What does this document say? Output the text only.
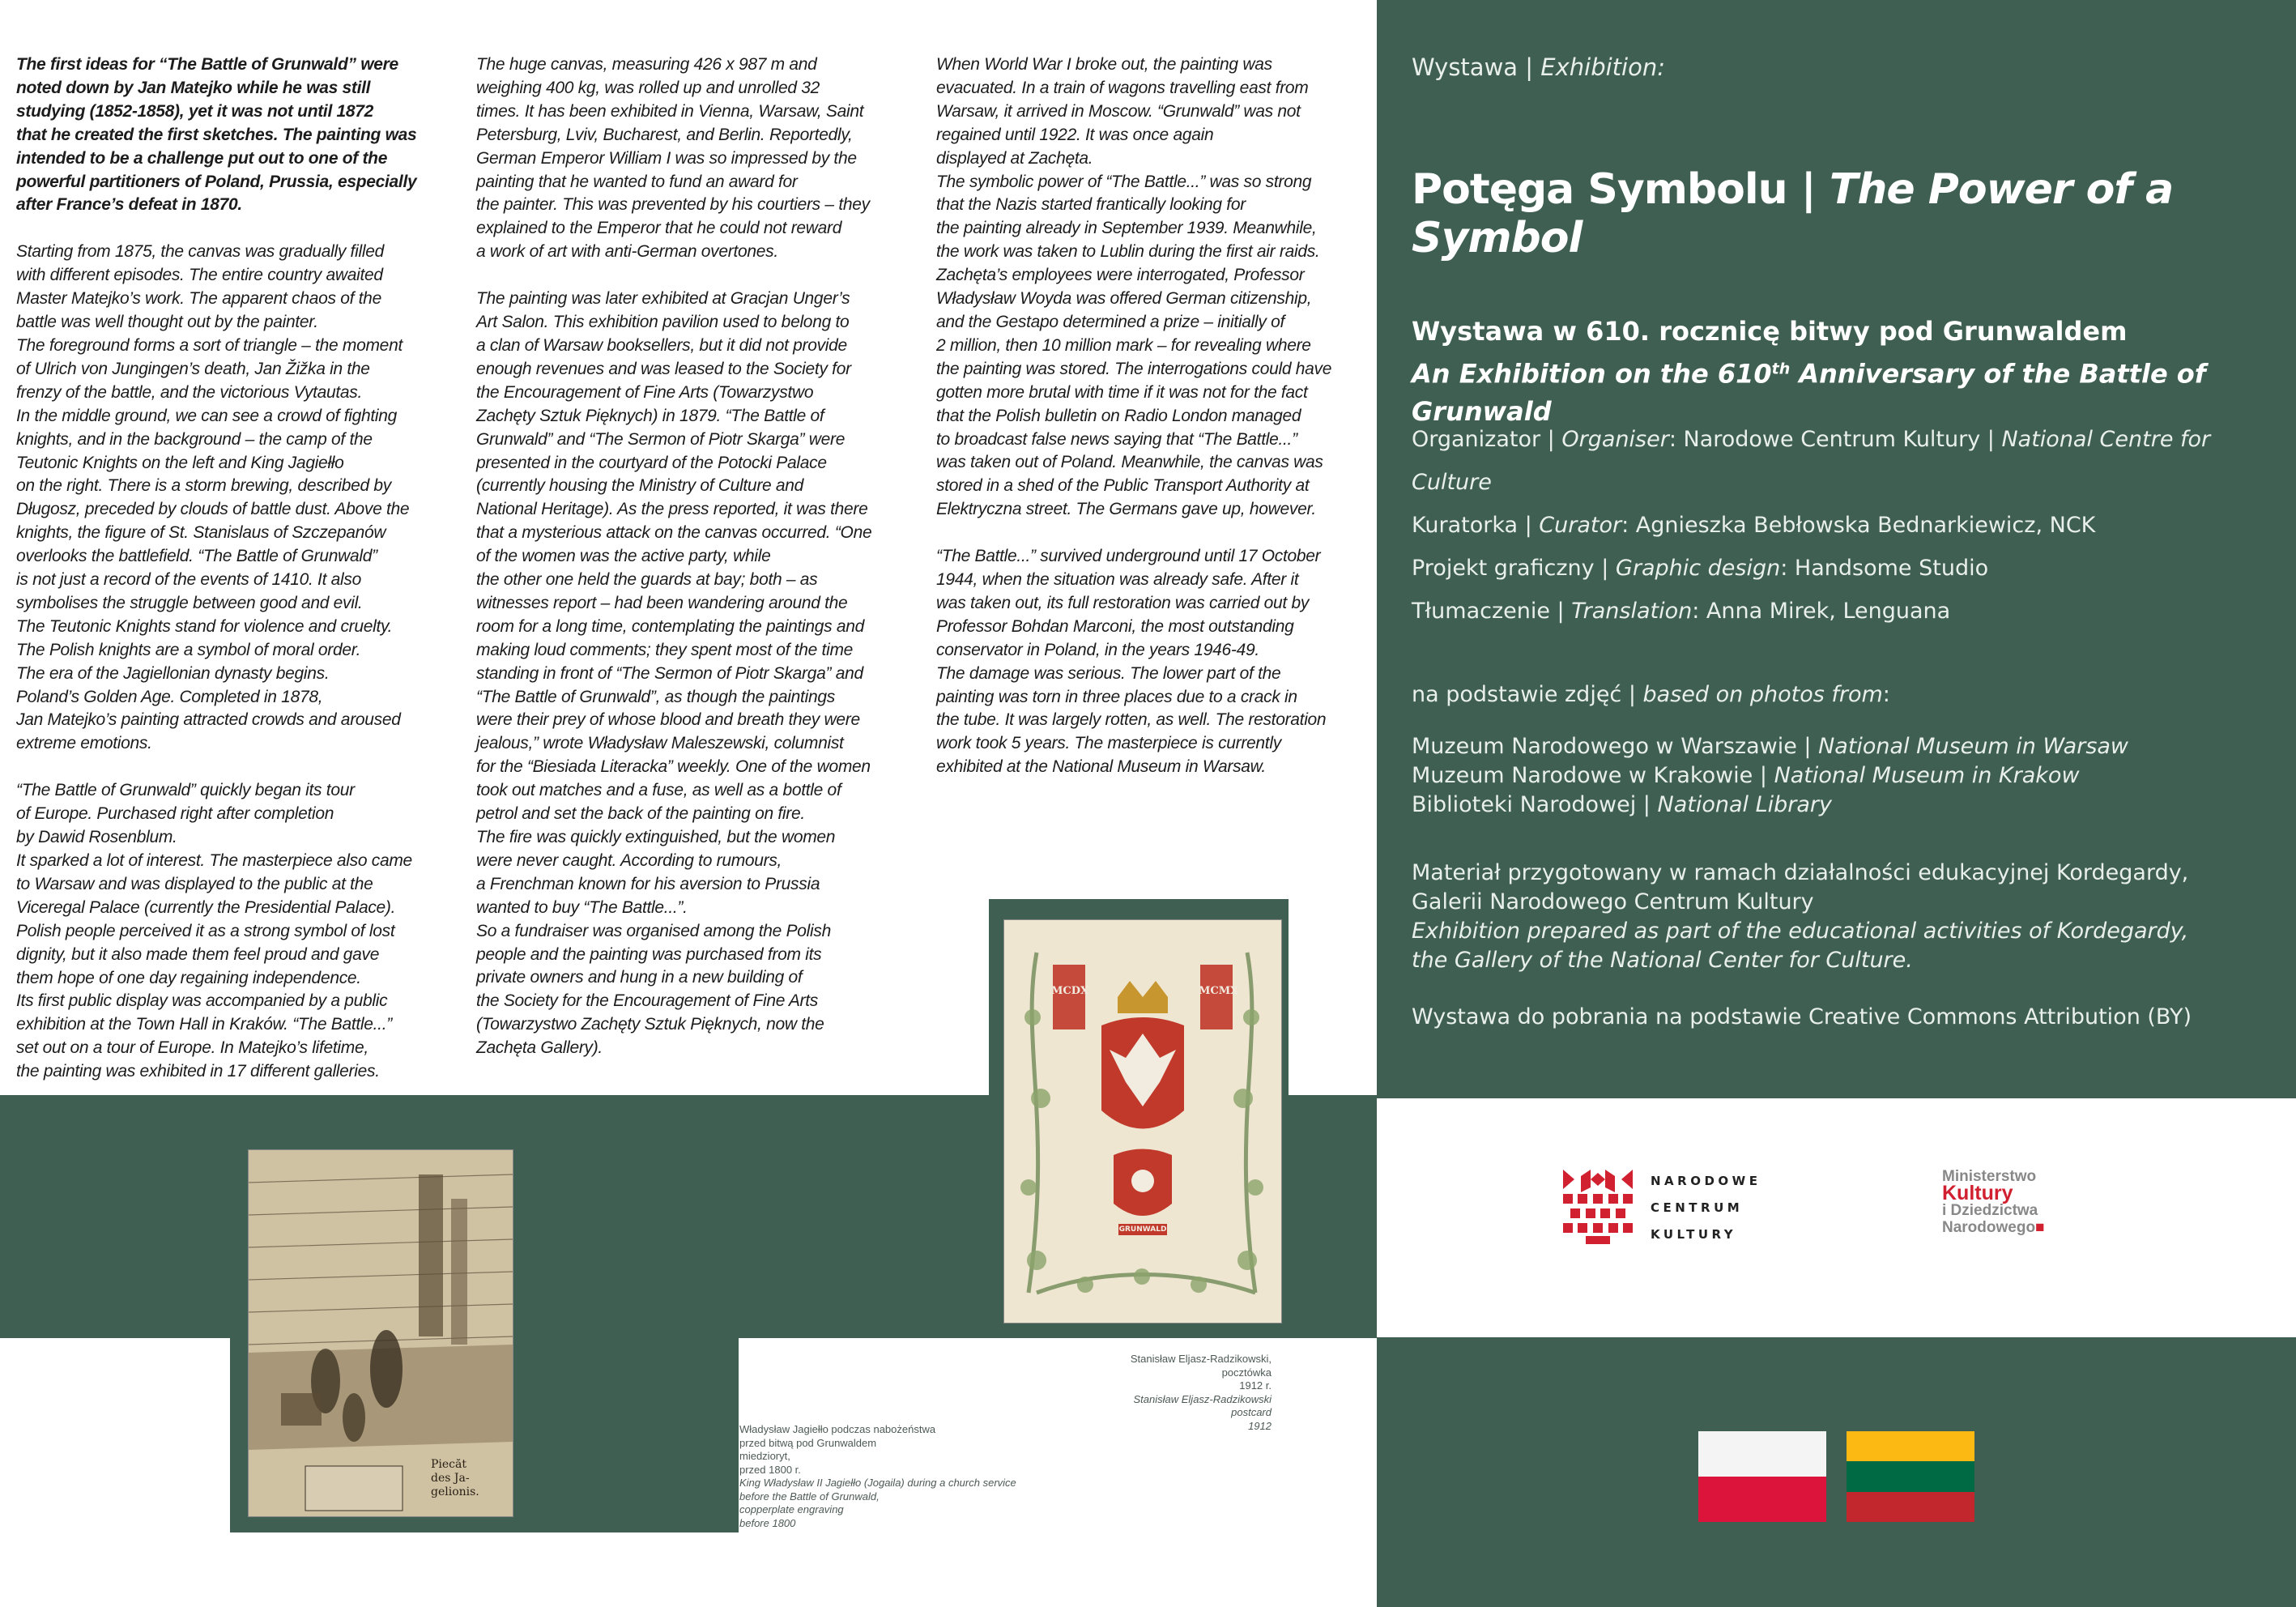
The first ideas for “The Battle of Grunwald” were
noted down by Jan Matejko while he was still
studying (1852-1858), yet it was not until 1872
that he created the first sketches. The painting was
intended to be a challenge put out to one of the
powerful partitioners of Poland, Prussia, especially
after France’s defeat in 1870.

Starting from 1875, the canvas was gradually filled
with different episodes. The entire country awaited
Master Matejko’s work. The apparent chaos of the
battle was well thought out by the painter.
The foreground forms a sort of triangle – the moment
of Ulrich von Jungingen’s death, Jan Žižka in the
frenzy of the battle, and the victorious Vytautas.
In the middle ground, we can see a crowd of fighting
knights, and in the background – the camp of the
Teutonic Knights on the left and King Jagiełło
on the right. There is a storm brewing, described by
Długosz, preceded by clouds of battle dust. Above the
knights, the figure of St. Stanislaus of Szczepanów
overlooks the battlefield. “The Battle of Grunwald”
is not just a record of the events of 1410. It also
symbolises the struggle between good and evil.
The Teutonic Knights stand for violence and cruelty.
The Polish knights are a symbol of moral order.
The era of the Jagiellonian dynasty begins.
Poland’s Golden Age. Completed in 1878,
Jan Matejko’s painting attracted crowds and aroused
extreme emotions.

“The Battle of Grunwald” quickly began its tour
of Europe. Purchased right after completion
by Dawid Rosenblum.
It sparked a lot of interest. The masterpiece also came
to Warsaw and was displayed to the public at the
Viceregal Palace (currently the Presidential Palace).
Polish people perceived it as a strong symbol of lost
dignity, but it also made them feel proud and gave
them hope of one day regaining independence.
Its first public display was accompanied by a public
exhibition at the Town Hall in Kraków. “The Battle...”
set out on a tour of Europe. In Matejko’s lifetime,
the painting was exhibited in 17 different galleries.

The huge canvas, measuring 426 x 987 m and
weighing 400 kg, was rolled up and unrolled 32
times. It has been exhibited in Vienna, Warsaw, Saint
Petersburg, Lviv, Bucharest, and Berlin. Reportedly,
German Emperor William I was so impressed by the
painting that he wanted to fund an award for
the painter. This was prevented by his courtiers – they
explained to the Emperor that he could not reward
a work of art with anti-German overtones.

The painting was later exhibited at Gracjan Unger’s
Art Salon. This exhibition pavilion used to belong to
a clan of Warsaw booksellers, but it did not provide
enough revenues and was leased to the Society for
the Encouragement of Fine Arts (Towarzystwo
Zachęty Sztuk Pięknych) in 1879. “The Battle of
Grunwald” and “The Sermon of Piotr Skarga” were
presented in the courtyard of the Potocki Palace
(currently housing the Ministry of Culture and
National Heritage). As the press reported, it was there
that a mysterious attack on the canvas occurred. “One
of the women was the active party, while
the other one held the guards at bay; both – as
witnesses report – had been wandering around the
room for a long time, contemplating the paintings and
making loud comments; they spent most of the time
standing in front of “The Sermon of Piotr Skarga” and
“The Battle of Grunwald”, as though the paintings
were their prey of whose blood and breath they were
jealous,” wrote Władysław Maleszewski, columnist
for the “Biesiada Literacka” weekly. One of the women
took out matches and a fuse, as well as a bottle of
petrol and set the back of the painting on fire.
The fire was quickly extinguished, but the women
were never caught. According to rumours,
a Frenchman known for his aversion to Prussia
wanted to buy “The Battle...”.
So a fundraiser was organised among the Polish
people and the painting was purchased from its
private owners and hung in a new building of
the Society for the Encouragement of Fine Arts
(Towarzystwo Zachęty Sztuk Pięknych, now the
Zachęta Gallery).

When World War I broke out, the painting was
evacuated. In a train of wagons travelling east from
Warsaw, it arrived in Moscow. “Grunwald” was not
regained until 1922. It was once again
displayed at Zachęta.
The symbolic power of “The Battle...” was so strong
that the Nazis started frantically looking for
the painting already in September 1939. Meanwhile,
the work was taken to Lublin during the first air raids.
Zachęta’s employees were interrogated, Professor
Władysław Woyda was offered German citizenship,
and the Gestapo determined a prize – initially of
2 million, then 10 million mark – for revealing where
the painting was stored. The interrogations could have
gotten more brutal with time if it was not for the fact
that the Polish bulletin on Radio London managed
to broadcast false news saying that “The Battle...”
was taken out of Poland. Meanwhile, the canvas was
stored in a shed of the Public Transport Authority at
Elektryczna street. The Germans gave up, however.

“The Battle...” survived underground until 17 October
1944, when the situation was already safe. After it
was taken out, its full restoration was carried out by
Professor Bohdan Marconi, the most outstanding
conservator in Poland, in the years 1946-49.
The damage was serious. The lower part of the
painting was torn in three places due to a crack in
the tube. It was largely rotten, as well. The restoration
work took 5 years. The masterpiece is currently
exhibited at the National Museum in Warsaw.

Wystawa | Exhibition:
Potęga Symbolu | The Power of a Symbol
Wystawa w 610. rocznicę bitwy pod Grunwaldem
An Exhibition on the 610th Anniversary of the Battle of Grunwald
Organizator | Organiser: Narodowe Centrum Kultury | National Centre for Culture
Kuratorka | Curator: Agnieszka Bebłowska Bednarkiewicz, NCK
Projekt graficzny | Graphic design: Handsome Studio
Tłumaczenie | Translation: Anna Mirek, Lenguana
na podstawie zdjęć | based on photos from:
Muzeum Narodowego w Warszawie | National Museum in Warsaw
Muzeum Narodowe w Krakowie | National Museum in Krakow
Biblioteki Narodowej | National Library
Materiał przygotowany w ramach działalności edukacyjnej Kordegardy,
Galerii Narodowego Centrum Kultury
Exhibition prepared as part of the educational activities of Kordegardy,
the Gallery of the National Center for Culture.
Wystawa do pobrania na podstawie Creative Commons Attribution (BY)
NARODOWE
CENTRUM
KULTURY
Ministerstwo
Kultury
i Dziedzictwa
Narodowego■
Piecăt
des Ja-
gelionis.
MCDX	MCMX
GRUNWALD
Stanisław Eljasz-Radzikowski,
pocztówka
1912 r.
Stanisław Eljasz-Radzikowski
postcard
1912
Władysław Jagiełło podczas nabożeństwa
przed bitwą pod Grunwaldem
miedzioryt,
przed 1800 r.
King Władysław II Jagiełło (Jogaila) during a church service
before the Battle of Grunwald,
copperplate engraving
before 1800
